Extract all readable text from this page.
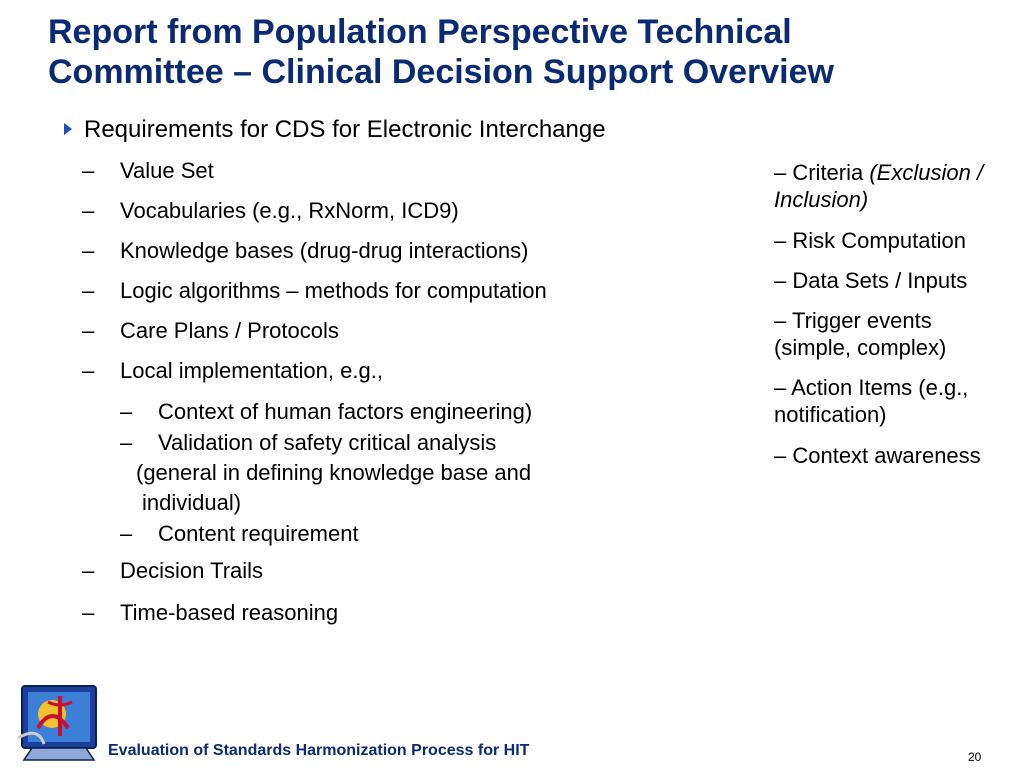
Report from Population Perspective Technical
Committee – Clinical Decision Support Overview
Requirements for CDS for Electronic Interchange
– Value Set
– Vocabularies (e.g., RxNorm, ICD9)
– Knowledge bases (drug-drug interactions)
– Logic algorithms – methods for computation
– Care Plans / Protocols
– Local implementation, e.g.,
– Context of human factors engineering)
– Validation of safety critical analysis
(general in defining knowledge base and
individual)
– Content requirement
– Decision Trails
– Time-based reasoning
– Criteria (Exclusion /
Inclusion)
– Risk Computation
– Data Sets / Inputs
– Trigger events
(simple, complex)
– Action Items (e.g.,
notification)
– Context awareness
Evaluation of Standards Harmonization Process for HIT	20
